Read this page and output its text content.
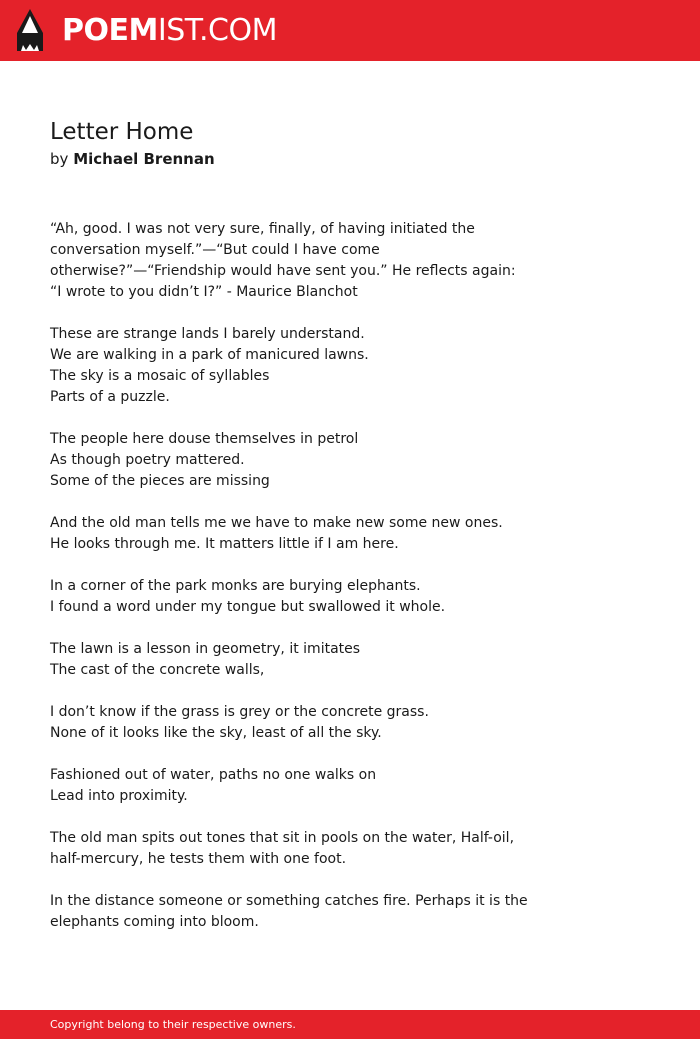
POEMIST.COM
Letter Home
by Michael Brennan
“Ah, good. I was not very sure, finally, of having initiated the
conversation myself.”—“But could I have come
otherwise?”—“Friendship would have sent you.” He reflects again:
“I wrote to you didn’t I?” - Maurice Blanchot
These are strange lands I barely understand.
We are walking in a park of manicured lawns.
The sky is a mosaic of syllables
Parts of a puzzle.
The people here douse themselves in petrol
As though poetry mattered.
Some of the pieces are missing
And the old man tells me we have to make new some new ones.
He looks through me. It matters little if I am here.
In a corner of the park monks are burying elephants.
I found a word under my tongue but swallowed it whole.
The lawn is a lesson in geometry, it imitates
The cast of the concrete walls,
I don’t know if the grass is grey or the concrete grass.
None of it looks like the sky, least of all the sky.
Fashioned out of water, paths no one walks on
Lead into proximity.
The old man spits out tones that sit in pools on the water, Half-oil,
half-mercury, he tests them with one foot.
In the distance someone or something catches fire. Perhaps it is the
elephants coming into bloom.
Copyright belong to their respective owners.
